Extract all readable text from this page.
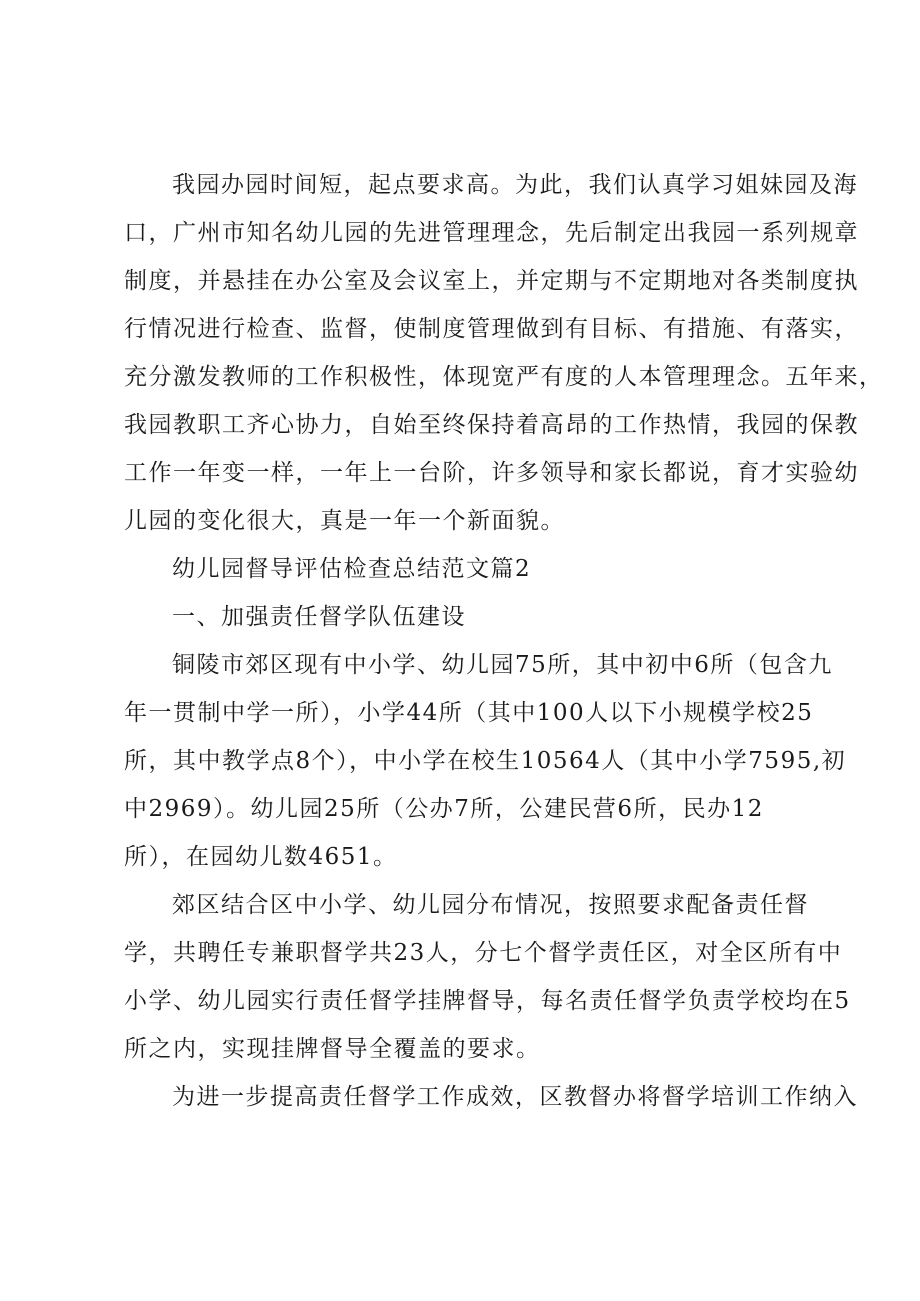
我园办园时间短，起点要求高。为此，我们认真学习姐妹园及海
口，广州市知名幼儿园的先进管理理念，先后制定出我园一系列规章
制度，并悬挂在办公室及会议室上，并定期与不定期地对各类制度执
行情况进行检查、监督，使制度管理做到有目标、有措施、有落实，
充分激发教师的工作积极性，体现宽严有度的人本管理理念。五年来，
我园教职工齐心协力，自始至终保持着高昂的工作热情，我园的保教
工作一年变一样，一年上一台阶，许多领导和家长都说，育才实验幼
儿园的变化很大，真是一年一个新面貌。
幼儿园督导评估检查总结范文篇2
一、加强责任督学队伍建设
铜陵市郊区现有中小学、幼儿园75所，其中初中6所（包含九
年一贯制中学一所），小学44所（其中100人以下小规模学校25
所，其中教学点8个），中小学在校生10564人（其中小学7595,初
中2969）。幼儿园25所（公办7所，公建民营6所，民办12
所），在园幼儿数4651。
郊区结合区中小学、幼儿园分布情况，按照要求配备责任督
学，共聘任专兼职督学共23人，分七个督学责任区，对全区所有中
小学、幼儿园实行责任督学挂牌督导，每名责任督学负责学校均在5
所之内，实现挂牌督导全覆盖的要求。
为进一步提高责任督学工作成效，区教督办将督学培训工作纳入
